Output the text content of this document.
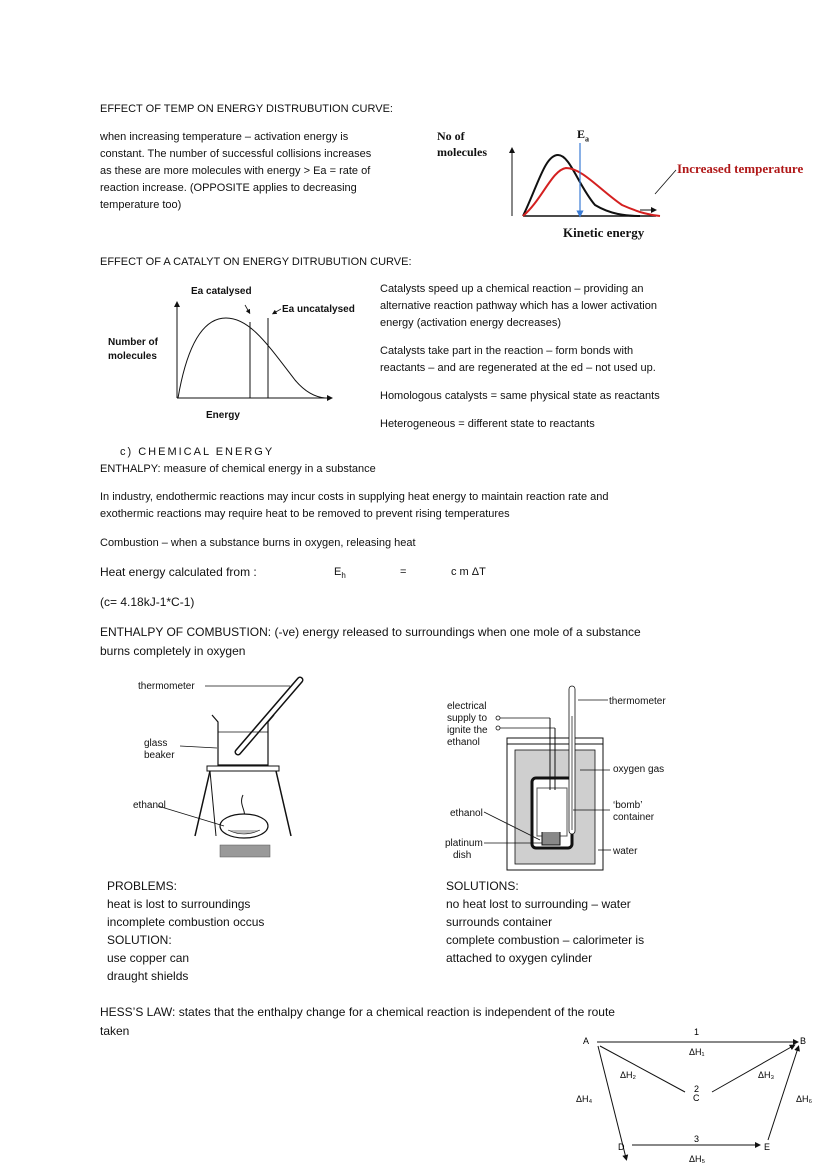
EFFECT OF TEMP ON ENERGY DISTRUBUTION CURVE:
when increasing temperature – activation energy is
constant. The number of successful collisions increases
as these are more molecules with energy > Ea = rate of
reaction increase. (OPPOSITE applies to decreasing
temperature too)
No of
molecules
$E_a$
Increased temperature
Kinetic energy
EFFECT OF A CATALYT ON ENERGY DITRUBUTION CURVE:
Ea catalysed
Ea uncatalysed
Number of
molecules
Energy
Catalysts speed up a chemical reaction – providing an
alternative reaction pathway which has a lower activation
energy (activation energy decreases)
Catalysts take part in the reaction – form bonds with
reactants – and are regenerated at the ed – not used up.
Homologous catalysts = same physical state as reactants
Heterogeneous = different state to reactants
c) CHEMICAL ENERGY
ENTHALPY: measure of chemical energy in a substance
In industry, endothermic reactions may incur costs in supplying heat energy to maintain reaction rate and
exothermic reactions may require heat to be removed to prevent rising temperatures
Combustion – when a substance burns in oxygen, releasing heat
Heat energy calculated from :	$E_h$	=	c m ΔT
(c= 4.18kJ-1*C-1)
ENTHALPY OF COMBUSTION: (-ve) energy released to surroundings when one mole of a substance
burns completely in oxygen
thermometer
glass
beaker
ethanol
electrical
supply to
ignite the
ethanol
thermometer
oxygen gas
‘bomb’
container
ethanol
platinum
dish	water
PROBLEMS:
heat is lost to surroundings
incomplete combustion occus
SOLUTION:
use copper can
draught shields
SOLUTIONS:
no heat lost to surrounding – water
surrounds container
complete combustion – calorimeter is
attached to oxygen cylinder
HESS’S LAW: states that the enthalpy change for a chemical reaction is independent of the route
taken
A	B
C
D	E
1
2
3
ΔH₁
ΔH₂	ΔH₃
ΔH₄
ΔH₅
ΔH₆
